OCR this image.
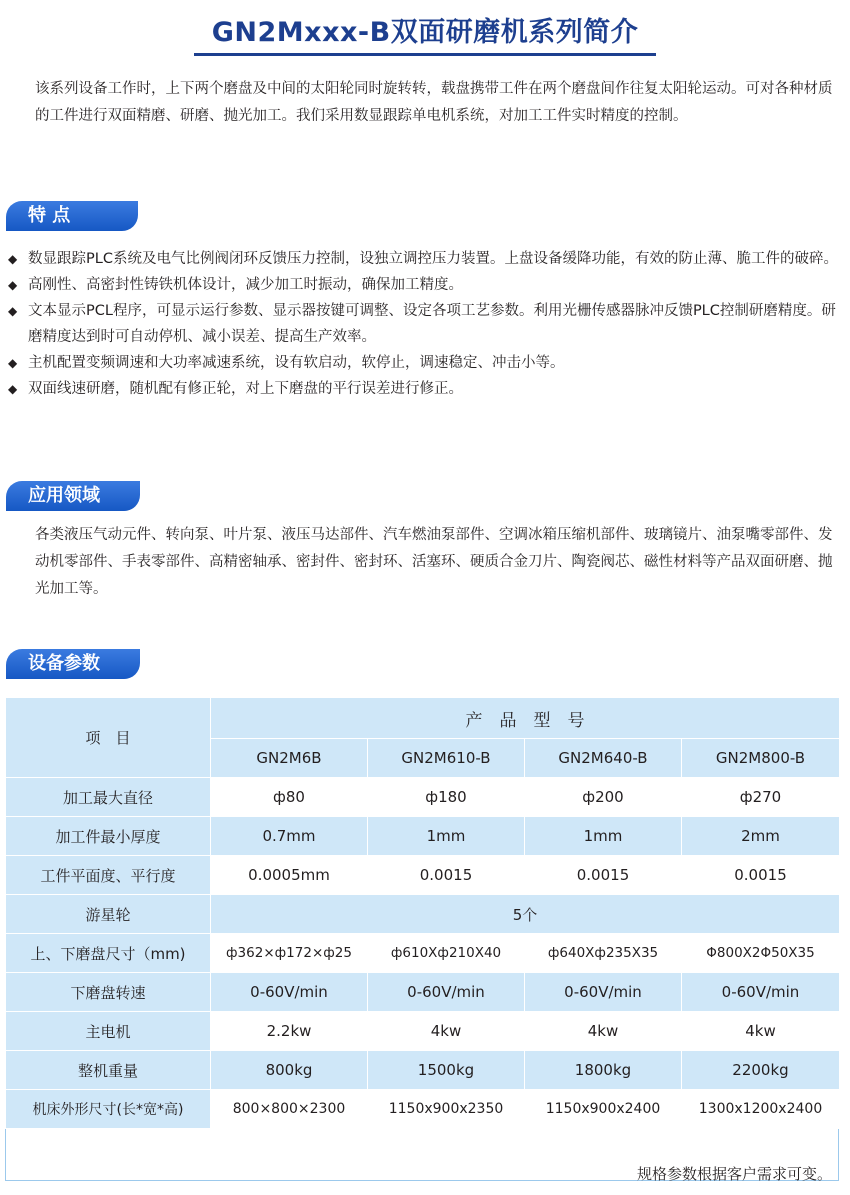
GN2Mxxx-B双面研磨机系列简介
该系列设备工作时，上下两个磨盘及中间的太阳轮同时旋转转，载盘携带工件在两个磨盘间作往复太阳轮运动。可对各种材质的工件进行双面精磨、研磨、抛光加工。我们采用数显跟踪单电机系统，对加工工件实时精度的控制。
特 点
◆ 数显跟踪PLC系统及电气比例阀闭环反馈压力控制，设独立调控压力装置。上盘设备缓降功能，有效的防止薄、脆工件的破碎。
◆ 高刚性、高密封性铸铁机体设计，减少加工时振动，确保加工精度。
◆ 文本显示PCL程序，可显示运行参数、显示器按键可调整、设定各项工艺参数。利用光栅传感器脉冲反馈PLC控制研磨精度。研磨精度达到时可自动停机、减小误差、提高生产效率。
◆ 主机配置变频调速和大功率减速系统，设有软启动，软停止，调速稳定、冲击小等。
◆ 双面线速研磨，随机配有修正轮，对上下磨盘的平行误差进行修正。
应用领域
各类液压气动元件、转向泵、叶片泵、液压马达部件、汽车燃油泵部件、空调冰箱压缩机部件、玻璃镜片、油泵嘴零部件、发动机零部件、手表零部件、高精密轴承、密封件、密封环、活塞环、硬质合金刀片、陶瓷阀芯、磁性材料等产品双面研磨、抛光加工等。
设备参数
项　目	产　品　型　号			
	GN2M6B	GN2M610-B	GN2M640-B	GN2M800-B
加工最大直径	ф80	ф180	ф200	ф270
加工件最小厚度	0.7mm	1mm	1mm	2mm
工件平面度、平行度	0.0005mm	0.0015	0.0015	0.0015
游星轮	5个			
上、下磨盘尺寸（mm)	ф362×ф172×ф25	ф610Xф210X40	ф640Xф235X35	Φ800X2Φ50X35
下磨盘转速	0-60V/min	0-60V/min	0-60V/min	0-60V/min
主电机	2.2kw	4kw	4kw	4kw
整机重量	800kg	1500kg	1800kg	2200kg
机床外形尺寸(长*宽*高)	800×800×2300	1150x900x2350	1150x900x2400	1300x1200x2400
规格参数根据客户需求可变。
